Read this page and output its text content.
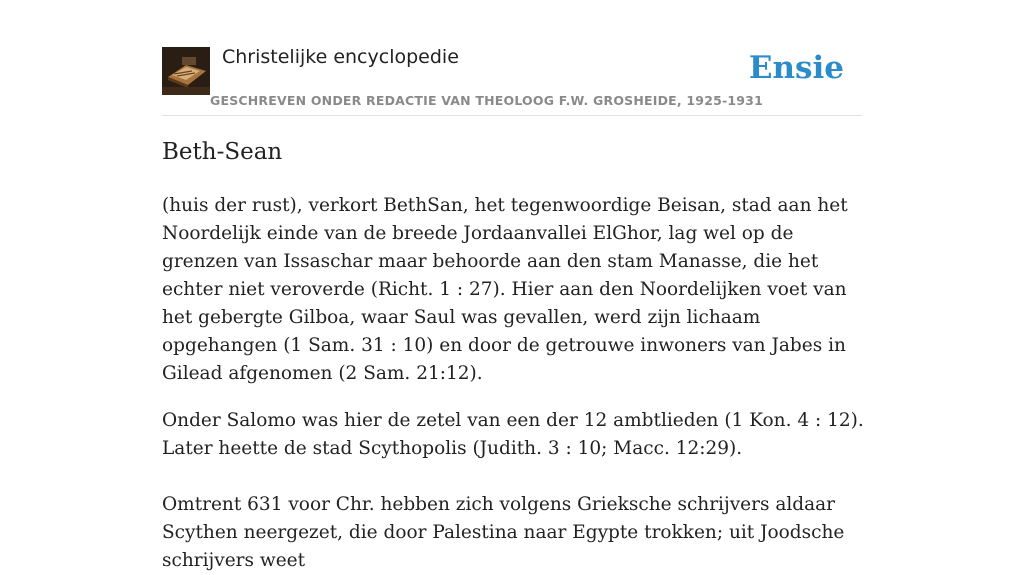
Christelijke encyclopedie
GESCHREVEN ONDER REDACTIE VAN THEOLOOG F.W. GROSHEIDE, 1925-1931
Ensie
Beth-Sean

(huis der rust), verkort BethSan, het tegenwoordige Beisan, stad aan het Noordelijk einde van de breede Jordaanvallei ElGhor, lag wel op de grenzen van Issaschar maar behoorde aan den stam Manasse, die het echter niet veroverde (Richt. 1 : 27). Hier aan den Noordelijken voet van het gebergte Gilboa, waar Saul was gevallen, werd zijn lichaam opgehangen (1 Sam. 31 : 10) en door de getrouwe inwoners van Jabes in Gilead afgenomen (2 Sam. 21:12).

Onder Salomo was hier de zetel van een der 12 ambtlieden (1 Kon. 4 : 12). Later heette de stad Scythopolis (Judith. 3 : 10; Macc. 12:29).

Omtrent 631 voor Chr. hebben zich volgens Grieksche schrijvers aldaar Scythen neergezet, die door Palestina naar Egypte trokken; uit Joodsche schrijvers weet
